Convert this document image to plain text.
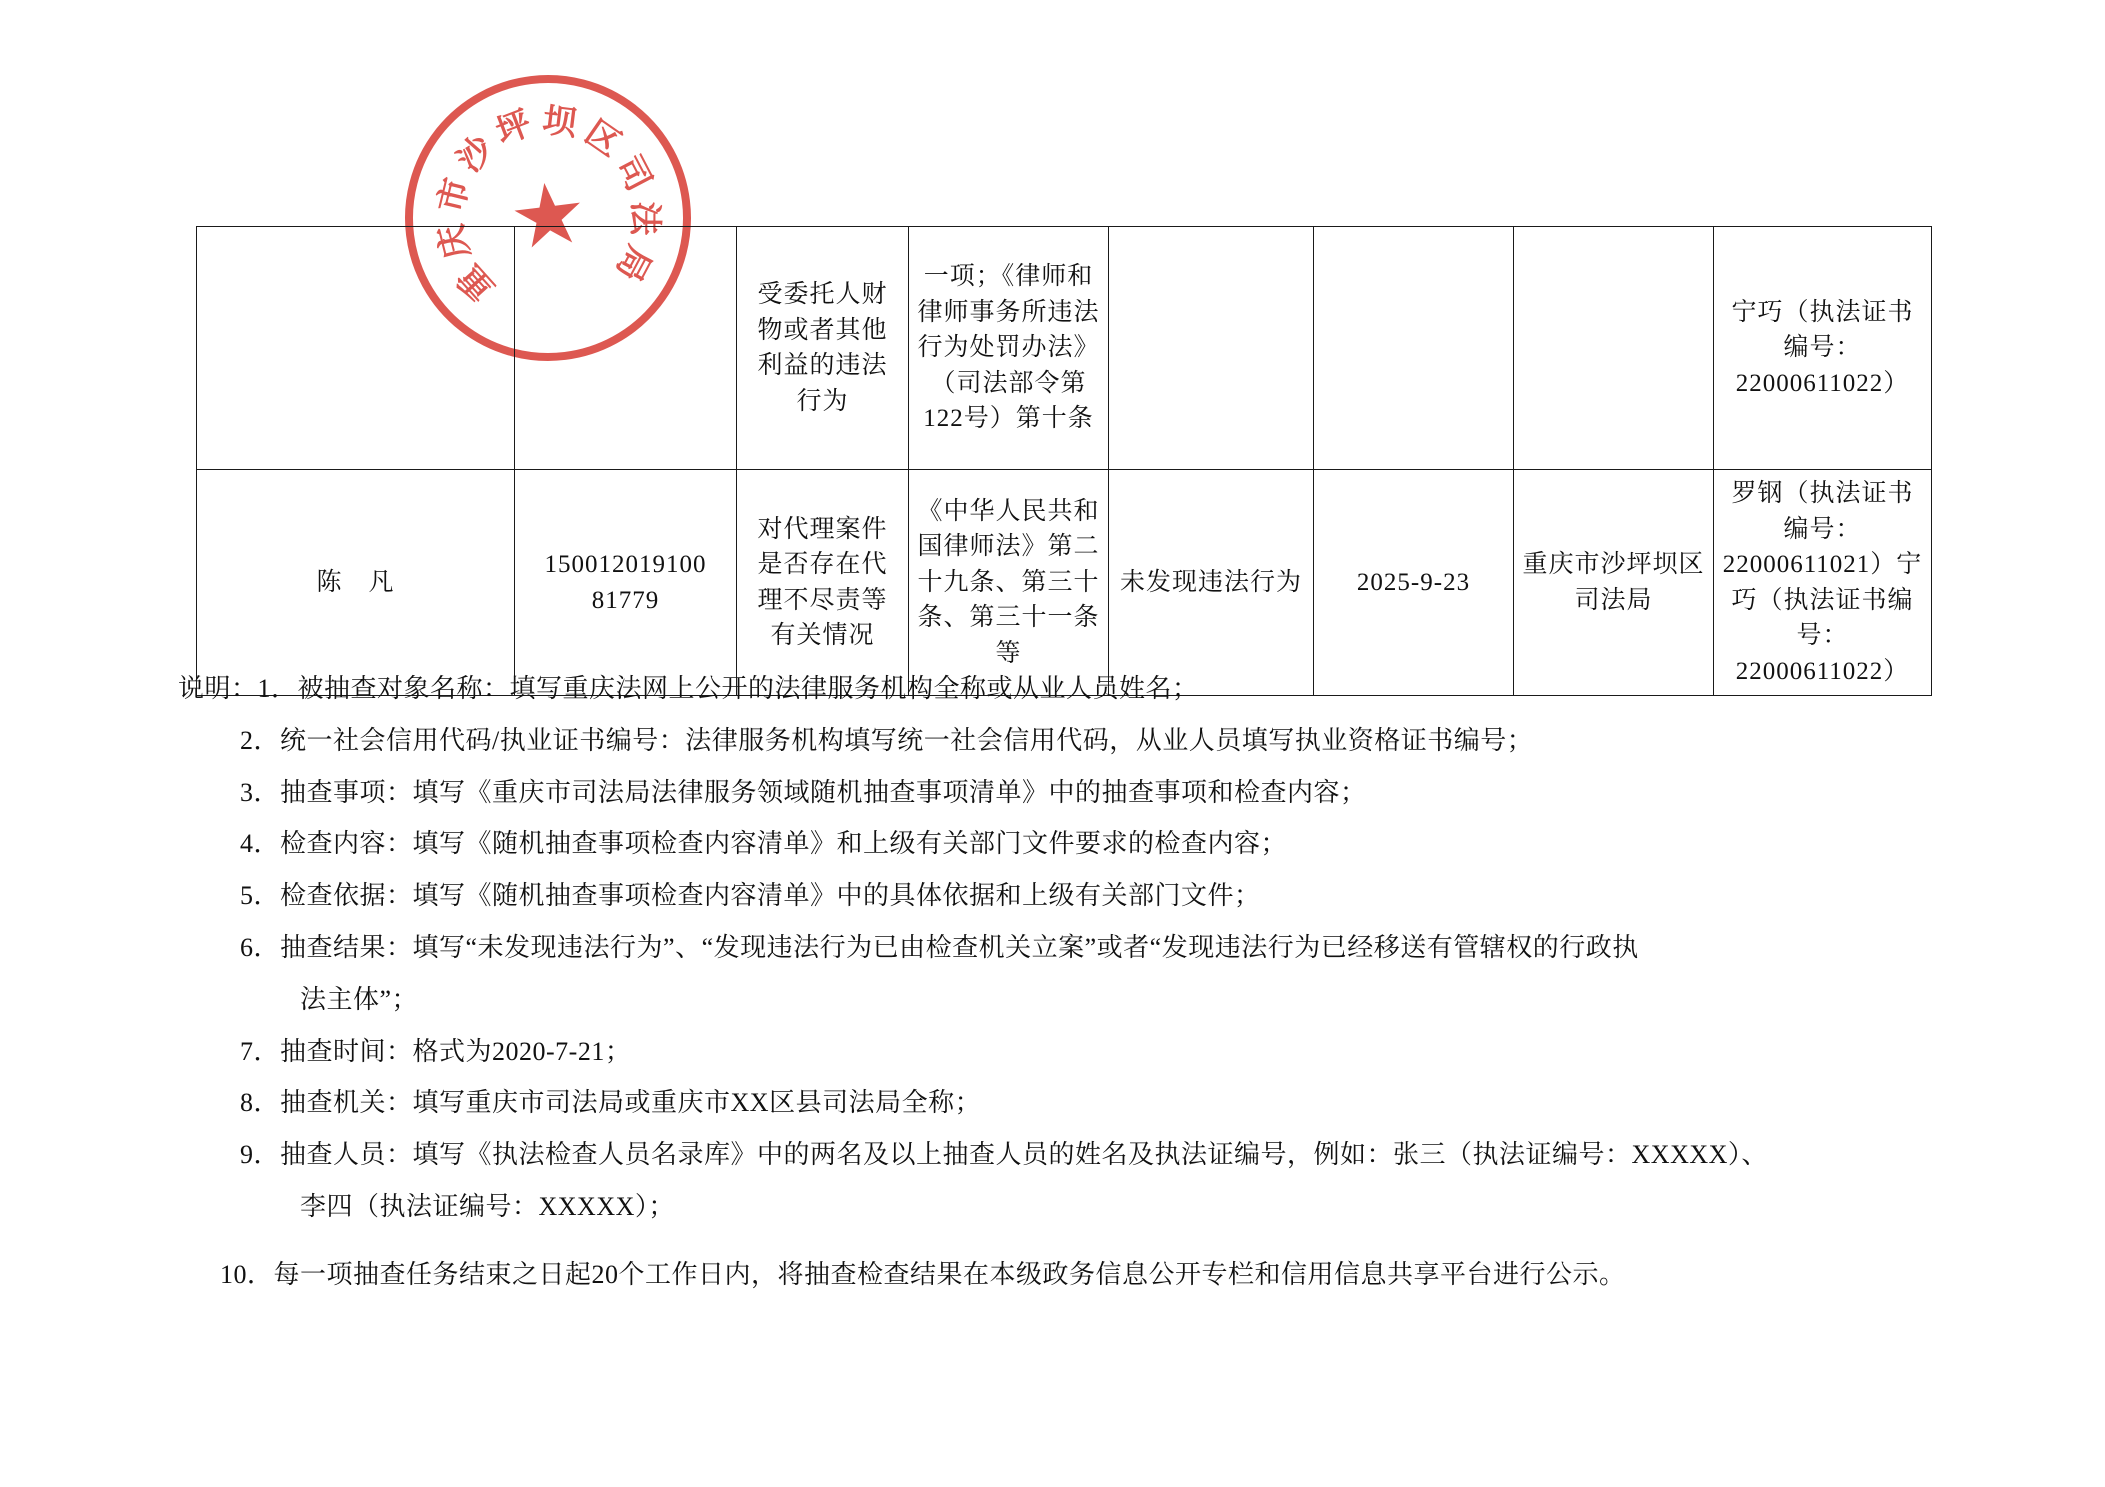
重
庆
市
沙
坪 坝 区
司
法
局
★
		受委托人财物或者其他利益的违法行为	一项；《律师和律师事务所违法行为处罚办法》（司法部令第122号）第十条				宁巧（执法证书编号：22000611022）
陈　凡	150012019100 81779	对代理案件是否存在代理不尽责等有关情况	《中华人民共和国律师法》第二十九条、第三十条、第三十一条等	未发现违法行为	2025-9-23	重庆市沙坪坝区司法局	罗钢（执法证书编号：22000611021）宁巧（执法证书编号：22000611022）
说明： 1． 被抽查对象名称：填写重庆法网上公开的法律服务机构全称或从业人员姓名；
2． 统一社会信用代码/执业证书编号：法律服务机构填写统一社会信用代码，从业人员填写执业资格证书编号；
3． 抽查事项：填写《重庆市司法局法律服务领域随机抽查事项清单》中的抽查事项和检查内容；
4． 检查内容：填写《随机抽查事项检查内容清单》和上级有关部门文件要求的检查内容；
5． 检查依据：填写《随机抽查事项检查内容清单》中的具体依据和上级有关部门文件；
6． 抽查结果：填写“未发现违法行为”、“发现违法行为已由检查机关立案”或者“发现违法行为已经移送有管辖权的行政执
法主体”；
7． 抽查时间：格式为2020-7-21；
8． 抽查机关：填写重庆市司法局或重庆市XX区县司法局全称；
9． 抽查人员：填写《执法检查人员名录库》中的两名及以上抽查人员的姓名及执法证编号，例如：张三（执法证编号：XXXXX）、
李四（执法证编号：XXXXX）；
10． 每一项抽查任务结束之日起20个工作日内，将抽查检查结果在本级政务信息公开专栏和信用信息共享平台进行公示。
